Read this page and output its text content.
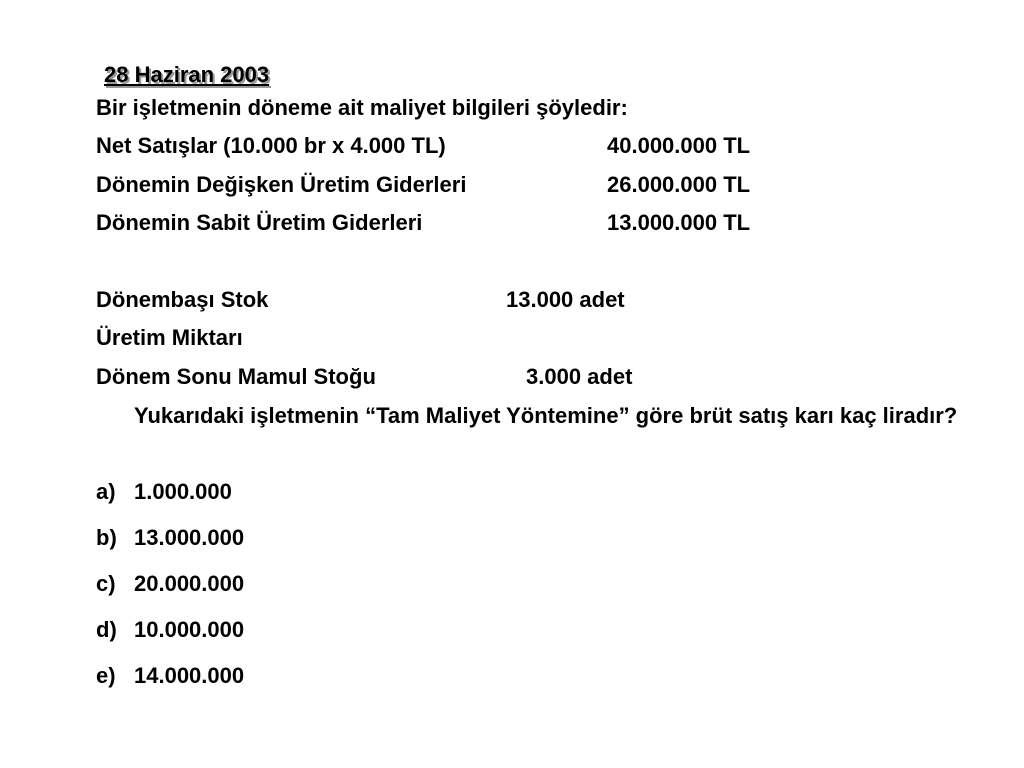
28 Haziran 2003
Bir işletmenin döneme ait maliyet bilgileri şöyledir:
Net Satışlar (10.000 br x 4.000 TL)	40.000.000 TL
Dönemin Değişken Üretim Giderleri	26.000.000 TL
Dönemin Sabit Üretim Giderleri	13.000.000 TL
Dönembaşı Stok	13.000 adet
Üretim Miktarı
Dönem Sonu Mamul Stoğu	3.000 adet
Yukarıdaki işletmenin “Tam Maliyet Yöntemine” göre brüt satış karı kaç liradır?
a) 1.000.000
b) 13.000.000
c) 20.000.000
d) 10.000.000
e) 14.000.000
